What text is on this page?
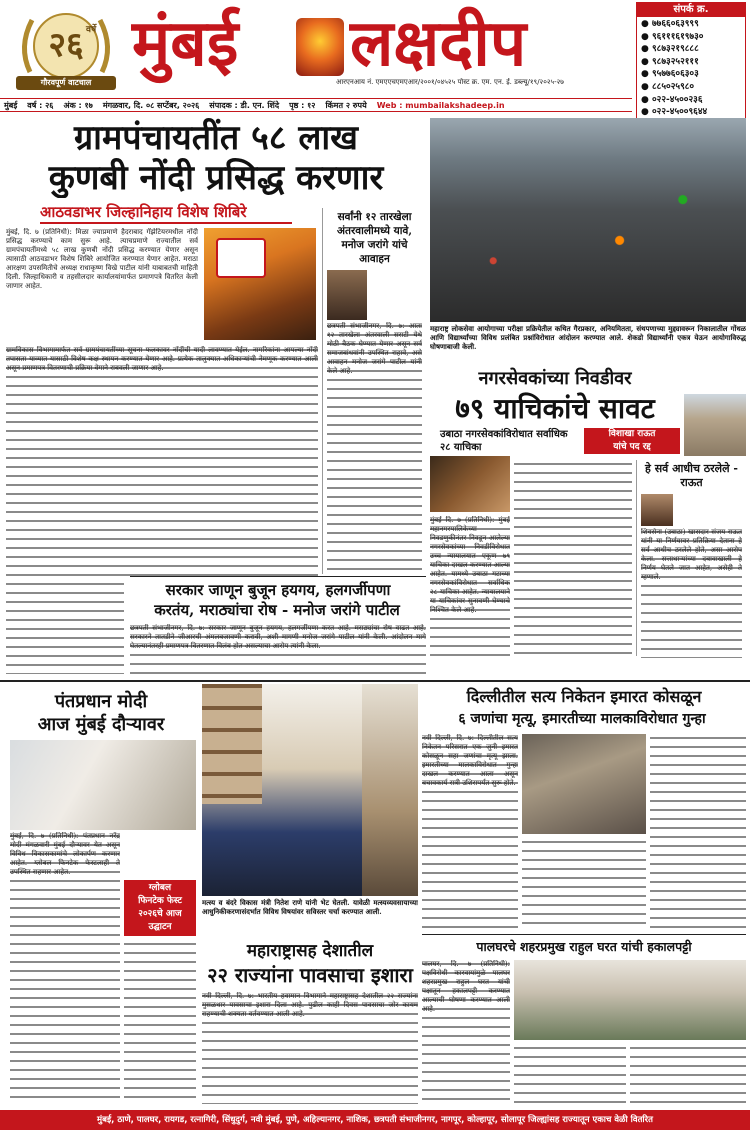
२६ वर्षे
गौरवपूर्ण वाटचाल
मुंबई लक्षदीप
आरएनआय नं. एमएएचएमएआर/२००१/०४५२५ पोस्ट क्र. एम. एन. ई. डब्ल्यू/१९/२०२५-२७
संपर्क क्र.
● ७७६६०६३९९९
● ९६१११६१९७३०
● ९८७३२१९८८८
● ९८७३२५२१११
● ९५७७६०६३०३
● ८८५०२५९८०
● ०२२-४५००२३६
● ०२२-४५००९६४४
मुंबई वर्ष : २६ अंक : १७ मंगळवार, दि. ०८ सप्टेंबर, २०२६ संपादक : डी. एन. शिंदे पृष्ठ : १२ किंमत २ रुपये Web : mumbailakshadeep.in
ग्रामपंचायतींत ५८ लाख
कुणबी नोंदी प्रसिद्ध करणार
आठवडाभर जिल्हानिहाय विशेष शिबिरे
मुंबई, दि. ७ (प्रतिनिधी): मिळा ज्याप्रमाणे हैदराबाद गॅझेटियरमधील नोंदी प्रसिद्ध करण्याचे काम सुरू आहे. त्याचप्रमाणे राज्यातील सर्व ग्रामपंचायतींमध्ये ५८ लाख कुणबी नोंदी प्रसिद्ध करण्यात येणार असून त्यासाठी आठवडाभर विशेष शिबिरे आयोजित करण्यात येणार आहेत. मराठा आरक्षण उपसमितीचे अध्यक्ष राधाकृष्ण विखे पाटील यांनी याबाबतची माहिती दिली. जिल्हाधिकारी व तहसीलदार कार्यालयांमार्फत प्रमाणपत्रे वितरित केली जाणार आहेत.
ग्रामविकास विभागामार्फत सर्व ग्रामपंचायतींच्या सूचना फलकावर नोंदींची यादी लावण्यात येईल. नागरिकांना आपल्या नोंदी तपासता याव्यात यासाठी विशेष कक्ष स्थापन करण्यात येणार आहे. प्रत्येक तालुक्यात अधिकाऱ्यांची नेमणूक करण्यात आली असून प्रमाणपत्र वितरणाची प्रक्रिया वेगाने राबवली जाणार आहे.
सर्वांनी १२ तारखेला अंतरवालीमध्ये यावे, मनोज जरांगे यांचे आवाहन
छत्रपती संभाजीनगर, दि. ७: आता १२ तारखेला अंतरवाली सराटी येथे मोठी बैठक घेण्यात येणार असून सर्व समाजबांधवांनी उपस्थित राहावे, असे आवाहन मनोज जरांगे पाटील यांनी केले आहे.
महाराष्ट्र लोकसेवा आयोगाच्या परीक्षा प्रक्रियेतील कथित गैरप्रकार, अनियमितता, संथपणाच्या मुद्द्यावरून निकालातील गोंधळ आणि विद्यार्थ्यांच्या विविध प्रलंबित प्रश्नांविरोधात आंदोलन करण्यात आले. शेकडो विद्यार्थ्यांनी एकत्र येऊन आयोगाविरुद्ध घोषणाबाजी केली.
नगरसेवकांच्या निवडीवर
७९ याचिकांचे सावट
उबाठा नगरसेवकांविरोधात सर्वाधिक २८ याचिका
विशाखा राऊत
यांचे पद रद्द
मुंबई दि. ७ (प्रतिनिधी): मुंबई महानगरपालिकेच्या निवडणुकीनंतर निवडून आलेल्या नगरसेवकांच्या निवडीविरोधात उच्च न्यायालयात एकूण ७९ याचिका दाखल करण्यात आल्या आहेत. यामध्ये उबाठा गटाच्या नगरसेवकांविरोधात सर्वाधिक २८ याचिका आहेत. न्यायालयाने या याचिकांवर सुनावणी घेण्याचे निश्चित केले आहे.
हे सर्व आधीच ठरलेले - राऊत
शिवसेना (उबाठा) खासदार संजय राऊत यांनी या निर्णयावर प्रतिक्रिया देताना हे सर्व आधीच ठरलेले होते, असा आरोप केला. सत्ताधाऱ्यांच्या दबावाखाली हे निर्णय घेतले जात आहेत, असेही ते म्हणाले.
सरकार जाणून बुजून हयगय, हलगर्जीपणा
करतंय, मराठ्यांचा रोष - मनोज जरांगे पाटील
छत्रपती संभाजीनगर, दि. ७: सरकार जाणून बुजून हयगय, हलगर्जीपणा करत आहे. मराठ्यांचा रोष वाढत आहे. सरकारने तातडीने जीआरची अंमलबजावणी करावी, अशी मागणी मनोज जरांगे पाटील यांनी केली. आंदोलन मागे घेतल्यानंतरही प्रमाणपत्र वितरणात विलंब होत असल्याचा आरोप त्यांनी केला.
पंतप्रधान मोदी
आज मुंबई दौऱ्यावर
मुंबई, दि. ७ (प्रतिनिधी): पंतप्रधान नरेंद्र मोदी मंगळवारी मुंबई दौऱ्यावर येत असून विविध विकासकामांचे लोकार्पण करणार आहेत. ग्लोबल फिनटेक फेस्टलाही ते उपस्थित राहणार आहेत.
ग्लोबल
फिनटेक फेस्ट
२०२६चे आज
उद्घाटन
मत्स्य व बंदरे विकास मंत्री नितेश राणे यांनी भेट घेतली. यावेळी मत्स्यव्यवसायाच्या आधुनिकीकरणासंदर्भात विविध विषयांवर सविस्तर चर्चा करण्यात आली.
दिल्लीतील सत्य निकेतन इमारत कोसळून
६ जणांचा मृत्यू, इमारतीच्या मालकाविरोधात गुन्हा
नवी दिल्ली, दि. ७: दिल्लीतील सत्य निकेतन परिसरात एक जुनी इमारत कोसळून सहा जणांचा मृत्यू झाला. इमारतीच्या मालकाविरोधात गुन्हा दाखल करण्यात आला असून बचावकार्य रात्री उशिरापर्यंत सुरू होते.
महाराष्ट्रासह देशातील
२२ राज्यांना पावसाचा इशारा
नवी दिल्ली, दि. ७: भारतीय हवामान विभागाने महाराष्ट्रासह देशातील २२ राज्यांना मुसळधार पावसाचा इशारा दिला आहे. पुढील काही दिवस पावसाचा जोर कायम राहण्याची शक्यता वर्तवण्यात आली आहे.
पालघरचे शहरप्रमुख राहुल घरत यांची हकालपट्टी
पालघर, दि. ७ (प्रतिनिधी): पक्षविरोधी कारवायांमुळे पालघर शहरप्रमुख राहुल घरत यांची पक्षातून हकालपट्टी करण्यात आल्याची घोषणा करण्यात आली आहे.
मुंबई, ठाणे, पालघर, रायगड, रत्नागिरी, सिंधुदुर्ग, नवी मुंबई, पुणे, अहिल्यानगर, नाशिक, छत्रपती संभाजीनगर, नागपूर, कोल्हापूर, सोलापूर जिल्ह्यांसह राज्यातून एकाच वेळी वितरित
